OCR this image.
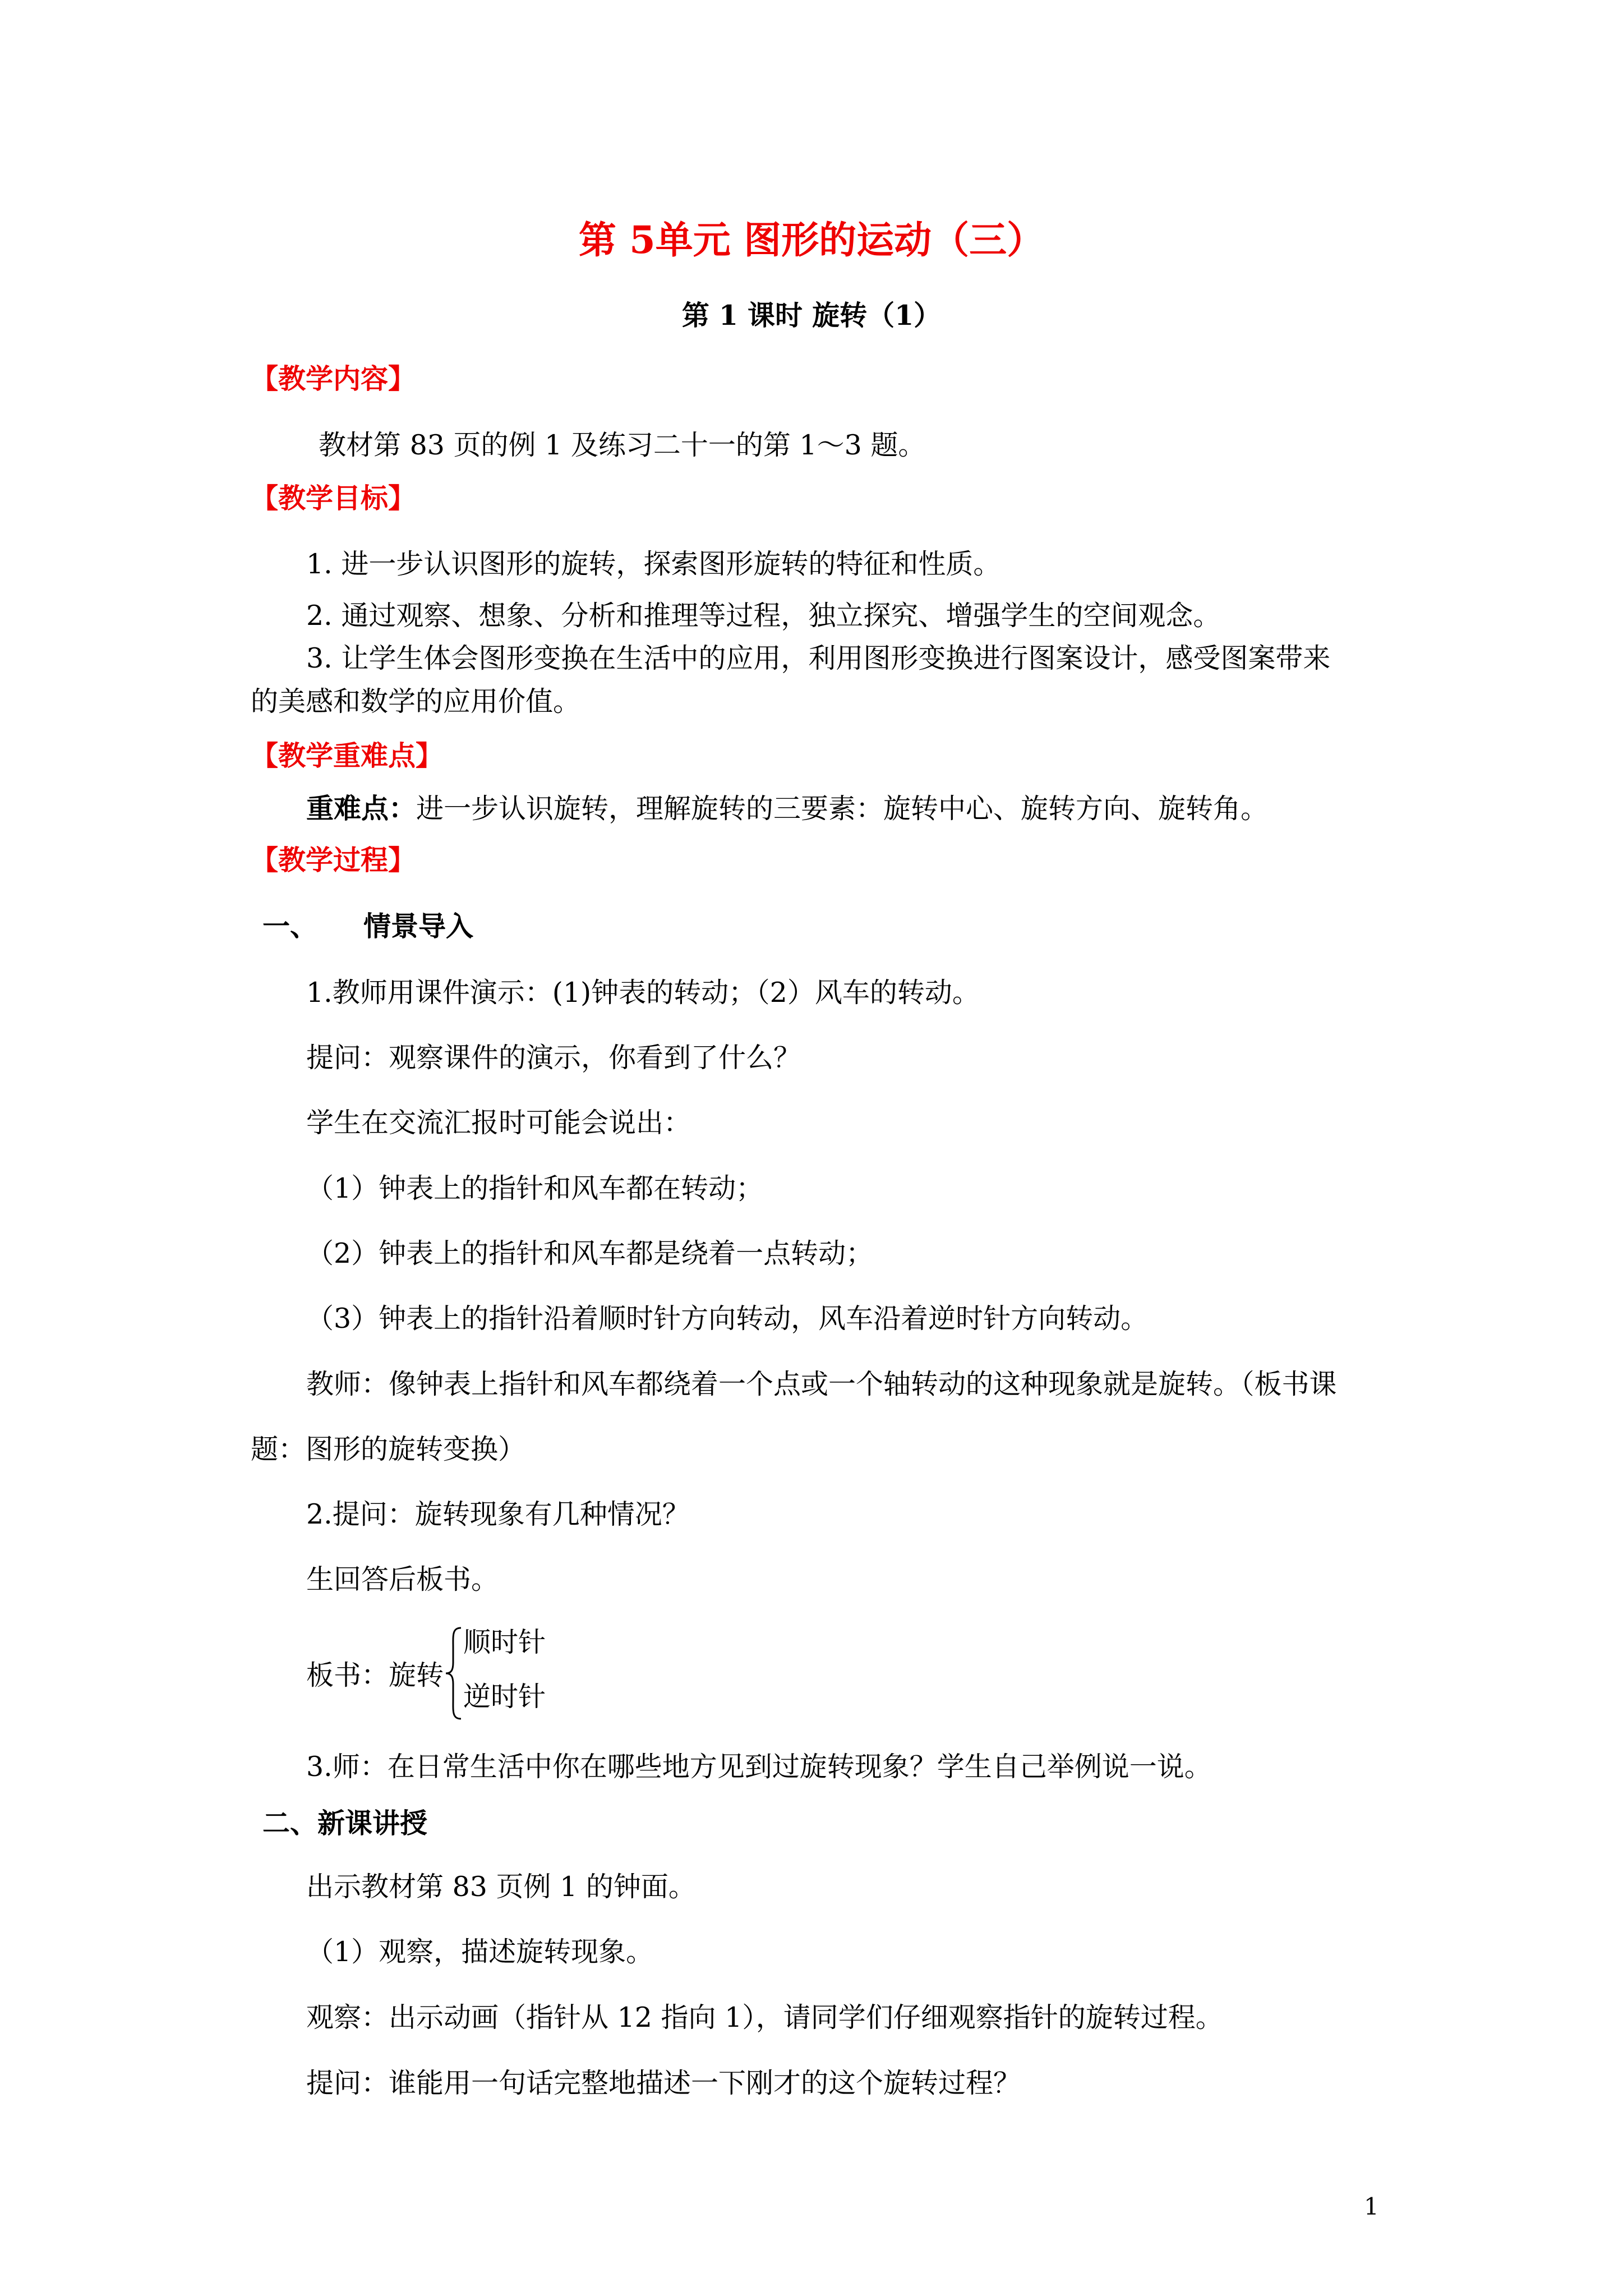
第 5单元 图形的运动（三）
第 1 课时 旋转（1）
【教学内容】
教材第 83 页的例 1 及练习二十一的第 1～3 题。
【教学目标】
1. 进一步认识图形的旋转，探索图形旋转的特征和性质。
2. 通过观察、想象、分析和推理等过程，独立探究、增强学生的空间观念。
3. 让学生体会图形变换在生活中的应用，利用图形变换进行图案设计，感受图案带来
的美感和数学的应用价值。
【教学重难点】
重难点：进一步认识旋转，理解旋转的三要素：旋转中心、旋转方向、旋转角。
【教学过程】
一、 情景导入
1.教师用课件演示：(1)钟表的转动；（2）风车的转动。
提问：观察课件的演示，你看到了什么？
学生在交流汇报时可能会说出：
（1）钟表上的指针和风车都在转动；
（2）钟表上的指针和风车都是绕着一点转动；
（3）钟表上的指针沿着顺时针方向转动，风车沿着逆时针方向转动。
教师：像钟表上指针和风车都绕着一个点或一个轴转动的这种现象就是旋转。（板书课
题：图形的旋转变换）
2.提问：旋转现象有几种情况？
生回答后板书。
板书：旋转
顺时针
逆时针
3.师：在日常生活中你在哪些地方见到过旋转现象？学生自己举例说一说。
二、新课讲授
出示教材第 83 页例 1 的钟面。
（1）观察，描述旋转现象。
观察：出示动画（指针从 12 指向 1），请同学们仔细观察指针的旋转过程。
提问：谁能用一句话完整地描述一下刚才的这个旋转过程？
1
